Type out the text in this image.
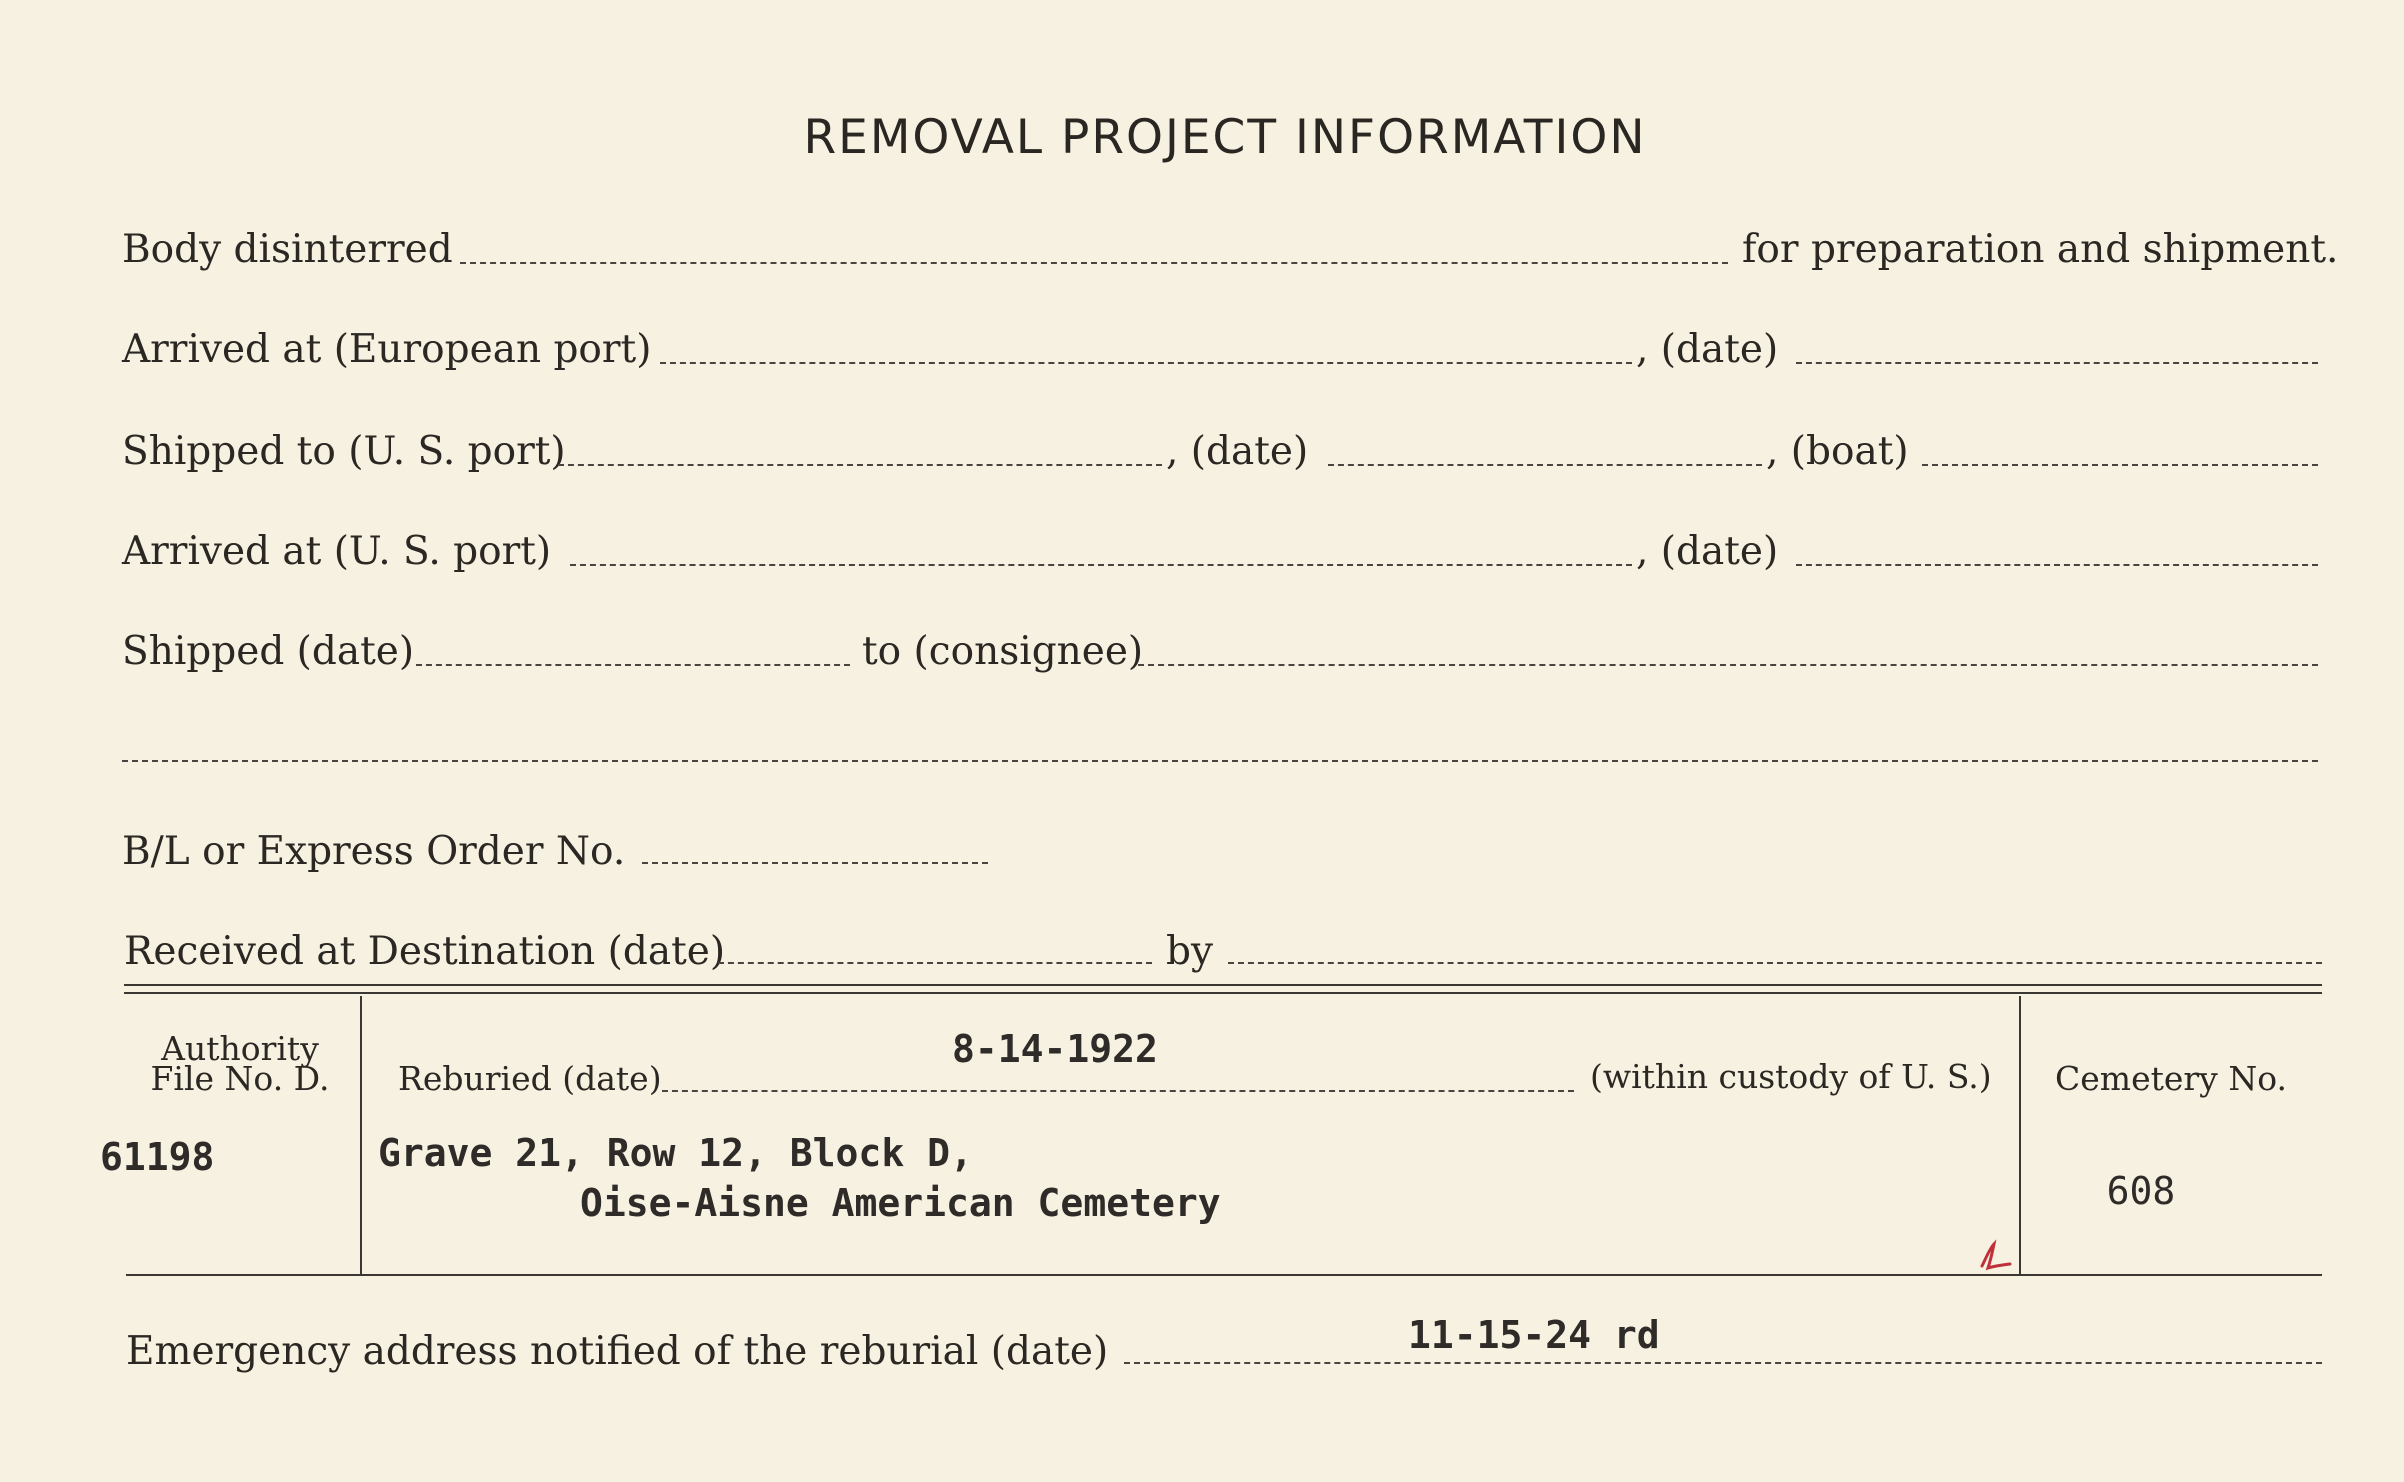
REMOVAL PROJECT INFORMATION
Body disinterred	for preparation and shipment.
Arrived at (European port)	, (date)
Shipped to (U. S. port)	, (date)	, (boat)
Arrived at (U. S. port)	, (date)
Shipped (date)	to (consignee)
B/L or Express Order No.
Received at Destination (date)	by
Authority
File No. D.
61198
8-14-1922
Reburied (date)	(within custody of U. S.)
Grave 21, Row 12, Block D,
Oise-Aisne American Cemetery
Cemetery No.
608
Emergency address notified of the reburial (date)	11-15-24 rd
